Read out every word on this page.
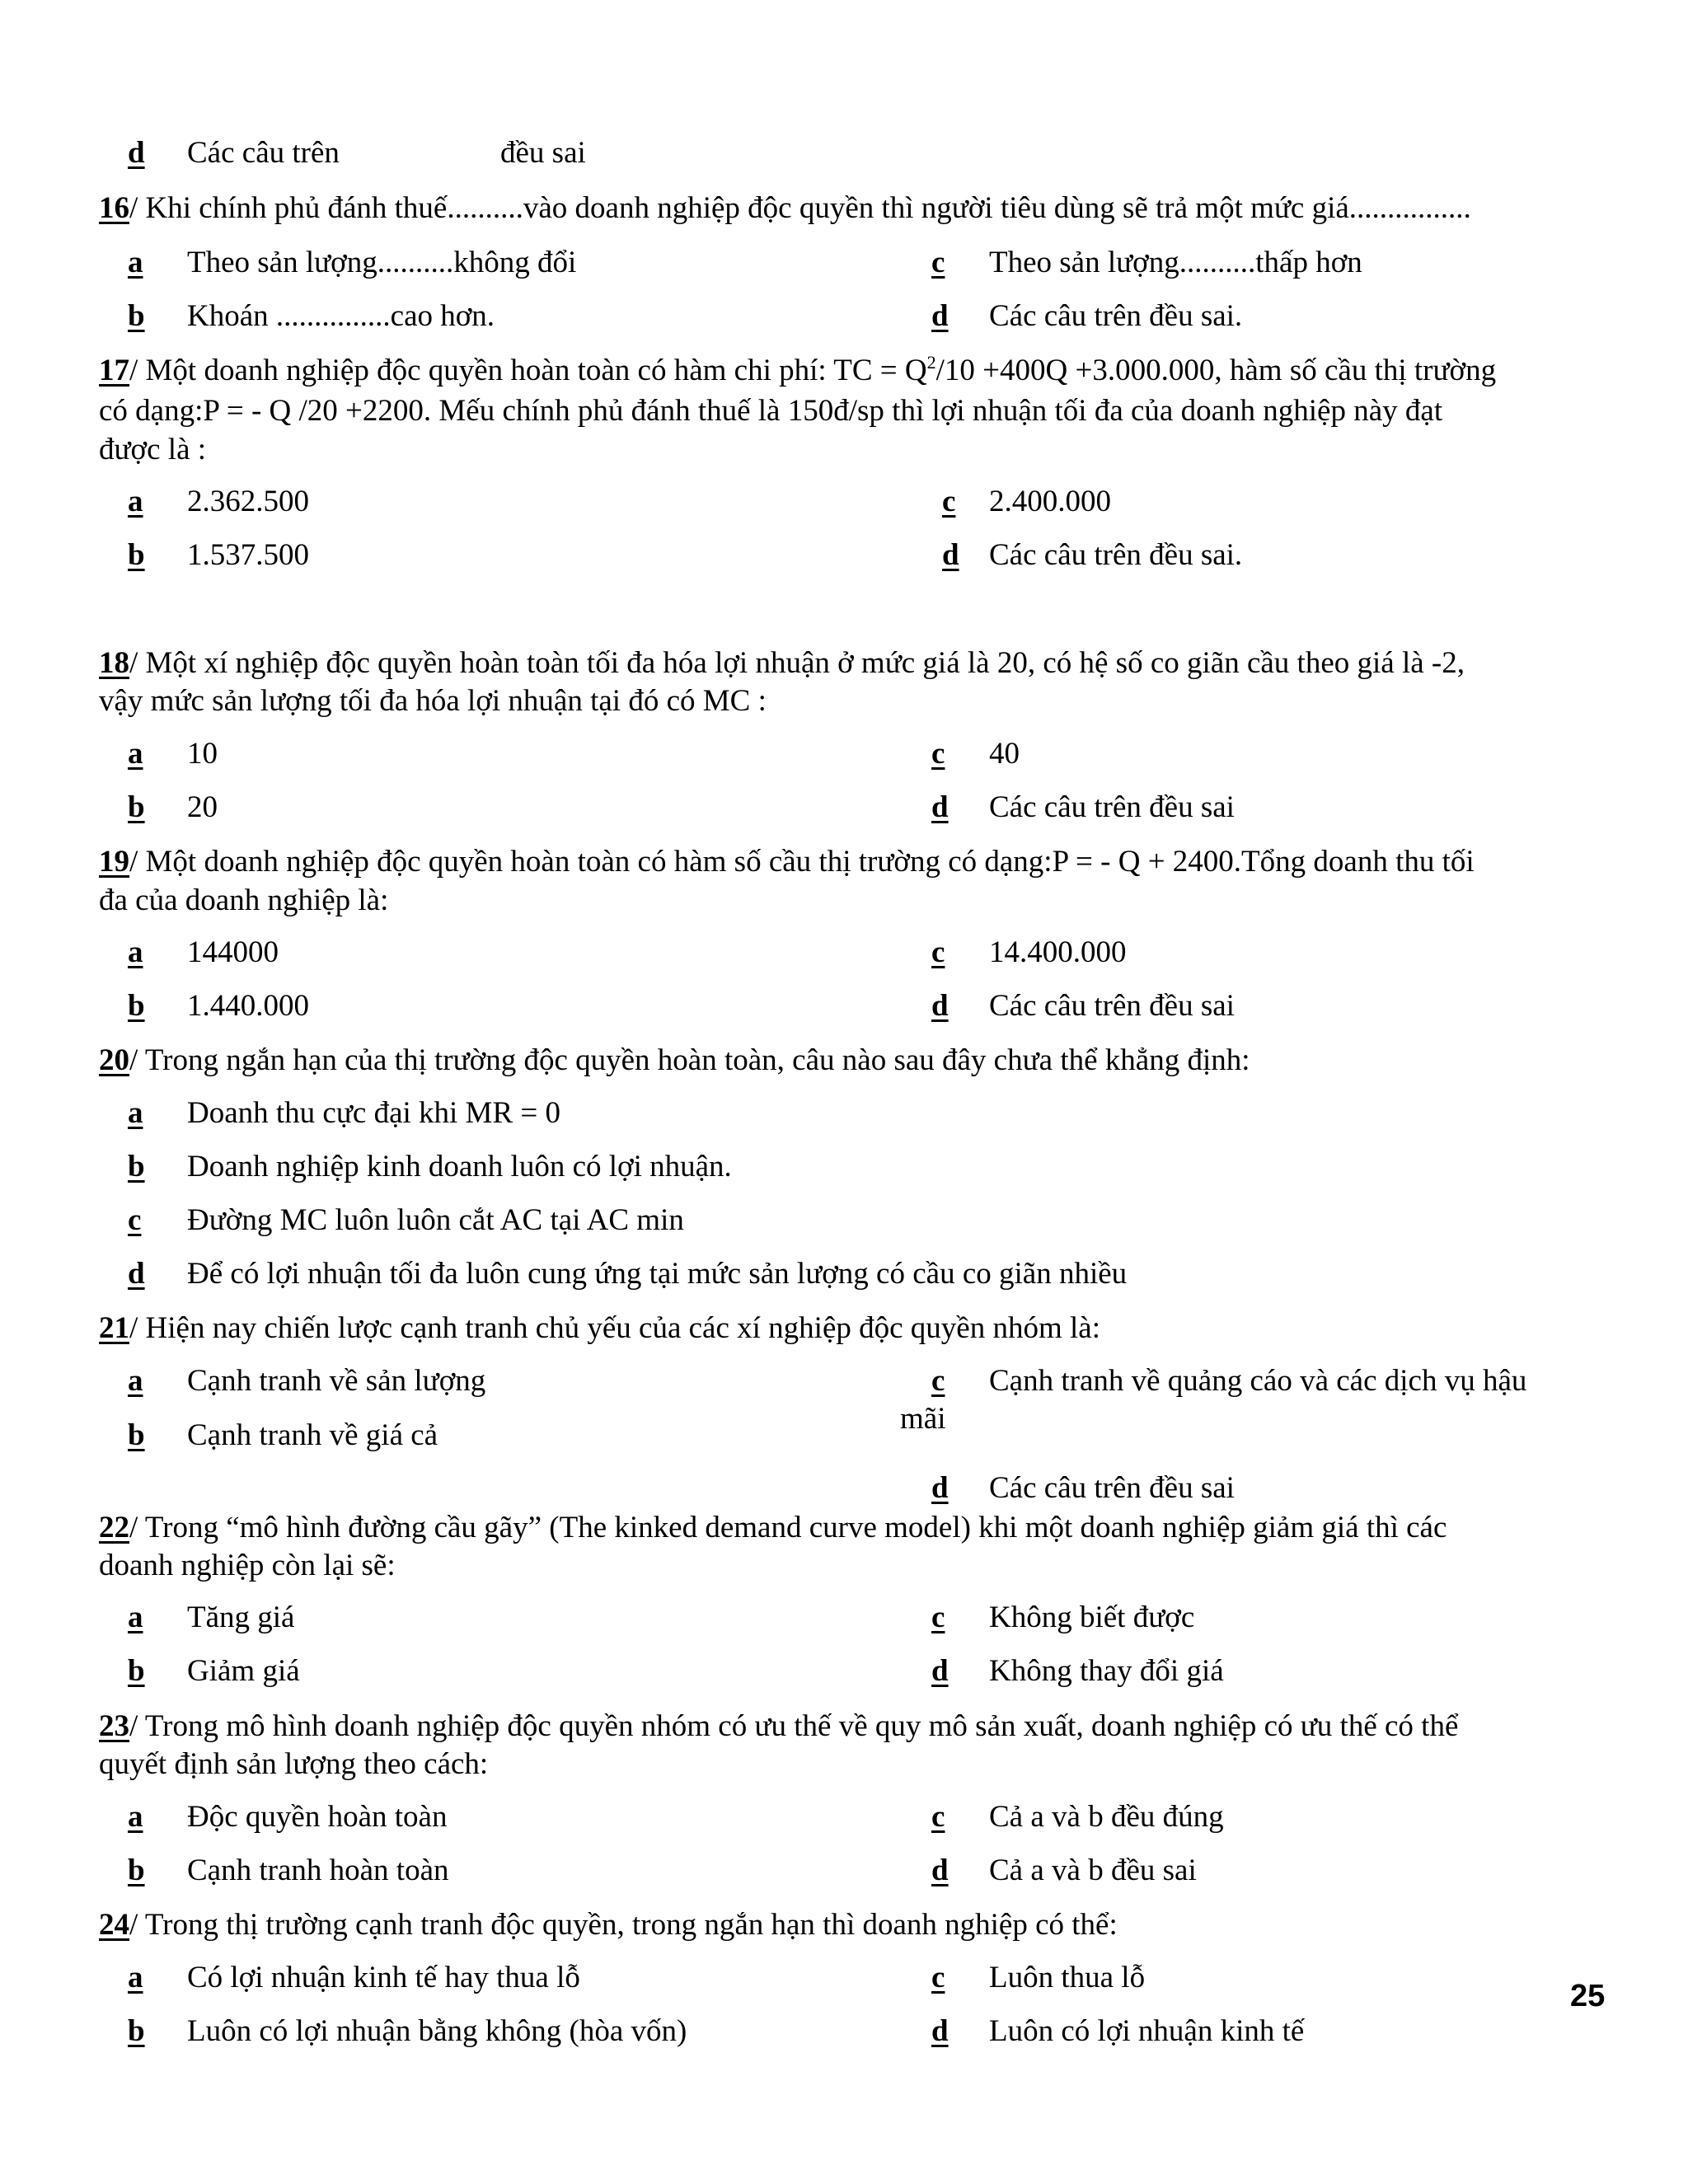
d Các câu trên	đều sai
16/ Khi chính phủ đánh thuế..........vào doanh nghiệp độc quyền thì người tiêu dùng sẽ trả một mức giá................
a Theo sản lượng..........không đổi	c Theo sản lượng..........thấp hơn
b Khoán ...............cao hơn.	d Các câu trên đều sai.
17/ Một doanh nghiệp độc quyền hoàn toàn có hàm chi phí: TC = $Q^2/10 +400Q +3.000.000$, hàm số cầu thị trường
có dạng:P = - Q /20 +2200. Mếu chính phủ đánh thuế là 150đ/sp thì lợi nhuận tối đa của doanh nghiệp này đạt
được là :
a 2.362.500	c 2.400.000
b 1.537.500	d Các câu trên đều sai.
18/ Một xí nghiệp độc quyền hoàn toàn tối đa hóa lợi nhuận ở mức giá là 20, có hệ số co giãn cầu theo giá là -2,
vậy mức sản lượng tối đa hóa lợi nhuận tại đó có MC :
a 10	c 40
b 20	d Các câu trên đều sai
19/ Một doanh nghiệp độc quyền hoàn toàn có hàm số cầu thị trường có dạng:P = - Q + 2400.Tổng doanh thu tối
đa của doanh nghiệp là:
a 144000	c 14.400.000
b 1.440.000	d Các câu trên đều sai
20/ Trong ngắn hạn của thị trường độc quyền hoàn toàn, câu nào sau đây chưa thể khẳng định:
a Doanh thu cực đại khi MR = 0
b Doanh nghiệp kinh doanh luôn có lợi nhuận.
c Đường MC luôn luôn cắt AC tại AC min
d Để có lợi nhuận tối đa luôn cung ứng tại mức sản lượng có cầu co giãn nhiều
21/ Hiện nay chiến lược cạnh tranh chủ yếu của các xí nghiệp độc quyền nhóm là:
a Cạnh tranh về sản lượng	c Cạnh tranh về quảng cáo và các dịch vụ hậu
mãi
b Cạnh tranh về giá cả
d Các câu trên đều sai
22/ Trong “mô hình đường cầu gãy” (The kinked demand curve model) khi một doanh nghiệp giảm giá thì các
doanh nghiệp còn lại sẽ:
a Tăng giá	c Không biết được
b Giảm giá	d Không thay đổi giá
23/ Trong mô hình doanh nghiệp độc quyền nhóm có ưu thế về quy mô sản xuất, doanh nghiệp có ưu thế có thể
quyết định sản lượng theo cách:
a Độc quyền hoàn toàn	c Cả a và b đều đúng
b Cạnh tranh hoàn toàn	d Cả a và b đều sai
24/ Trong thị trường cạnh tranh độc quyền, trong ngắn hạn thì doanh nghiệp có thể:
a Có lợi nhuận kinh tế hay thua lỗ	c Luôn thua lỗ
b Luôn có lợi nhuận bằng không (hòa vốn)	d Luôn có lợi nhuận kinh tế
25
